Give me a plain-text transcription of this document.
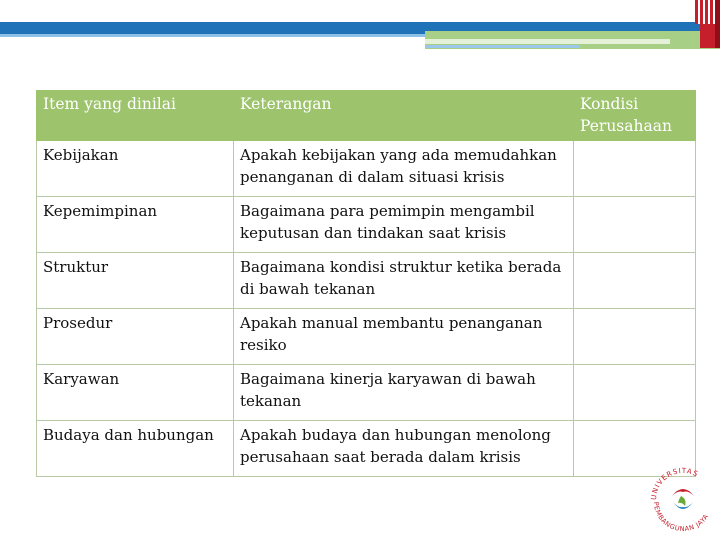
Item yang dinilai	Keterangan	Kondisi Perusahaan
Kebijakan	Apakah kebijakan yang ada memudahkan penanganan di dalam situasi krisis	
Kepemimpinan	Bagaimana para pemimpin mengambil keputusan dan tindakan saat krisis	
Struktur	Bagaimana kondisi struktur ketika berada di bawah tekanan	
Prosedur	Apakah manual membantu penanganan resiko	
Karyawan	Bagaimana kinerja karyawan di bawah tekanan	
Budaya dan hubungan	Apakah budaya dan hubungan menolong perusahaan saat berada dalam krisis	
UNIVERSITAS
PEMBANGUNAN JAYA
